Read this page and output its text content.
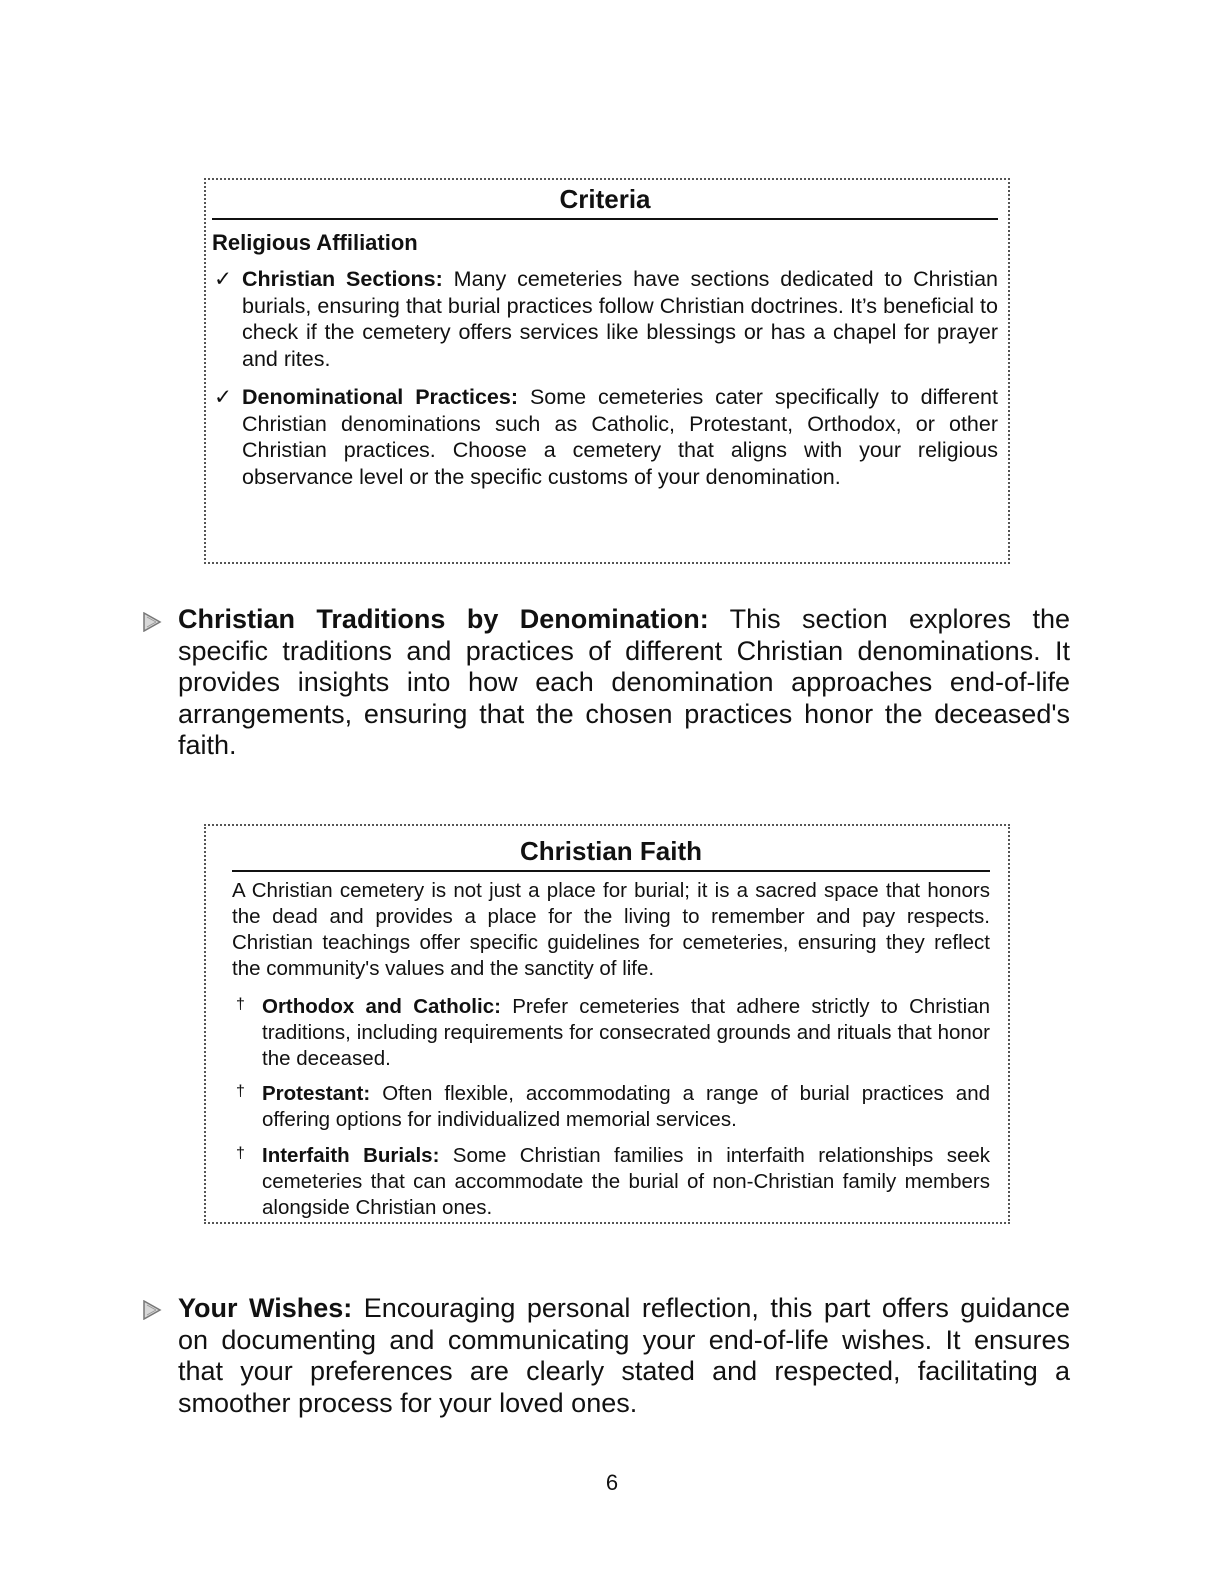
Criteria
Religious Affiliation
✓ Christian Sections: Many cemeteries have sections dedicated to Christian burials, ensuring that burial practices follow Christian doctrines. It’s beneficial to check if the cemetery offers services like blessings or has a chapel for prayer and rites.
✓ Denominational Practices: Some cemeteries cater specifically to different Christian denominations such as Catholic, Protestant, Orthodox, or other Christian practices. Choose a cemetery that aligns with your religious observance level or the specific customs of your denomination.
Christian Traditions by Denomination: This section explores the specific traditions and practices of different Christian denominations. It provides insights into how each denomination approaches end-of-life arrangements, ensuring that the chosen practices honor the deceased's faith.
Christian Faith
A Christian cemetery is not just a place for burial; it is a sacred space that honors the dead and provides a place for the living to remember and pay respects. Christian teachings offer specific guidelines for cemeteries, ensuring they reflect the community's values and the sanctity of life.
† Orthodox and Catholic: Prefer cemeteries that adhere strictly to Christian traditions, including requirements for consecrated grounds and rituals that honor the deceased.
† Protestant: Often flexible, accommodating a range of burial practices and offering options for individualized memorial services.
† Interfaith Burials: Some Christian families in interfaith relationships seek cemeteries that can accommodate the burial of non-Christian family members alongside Christian ones.
Your Wishes: Encouraging personal reflection, this part offers guidance on documenting and communicating your end-of-life wishes. It ensures that your preferences are clearly stated and respected, facilitating a smoother process for your loved ones.
6
